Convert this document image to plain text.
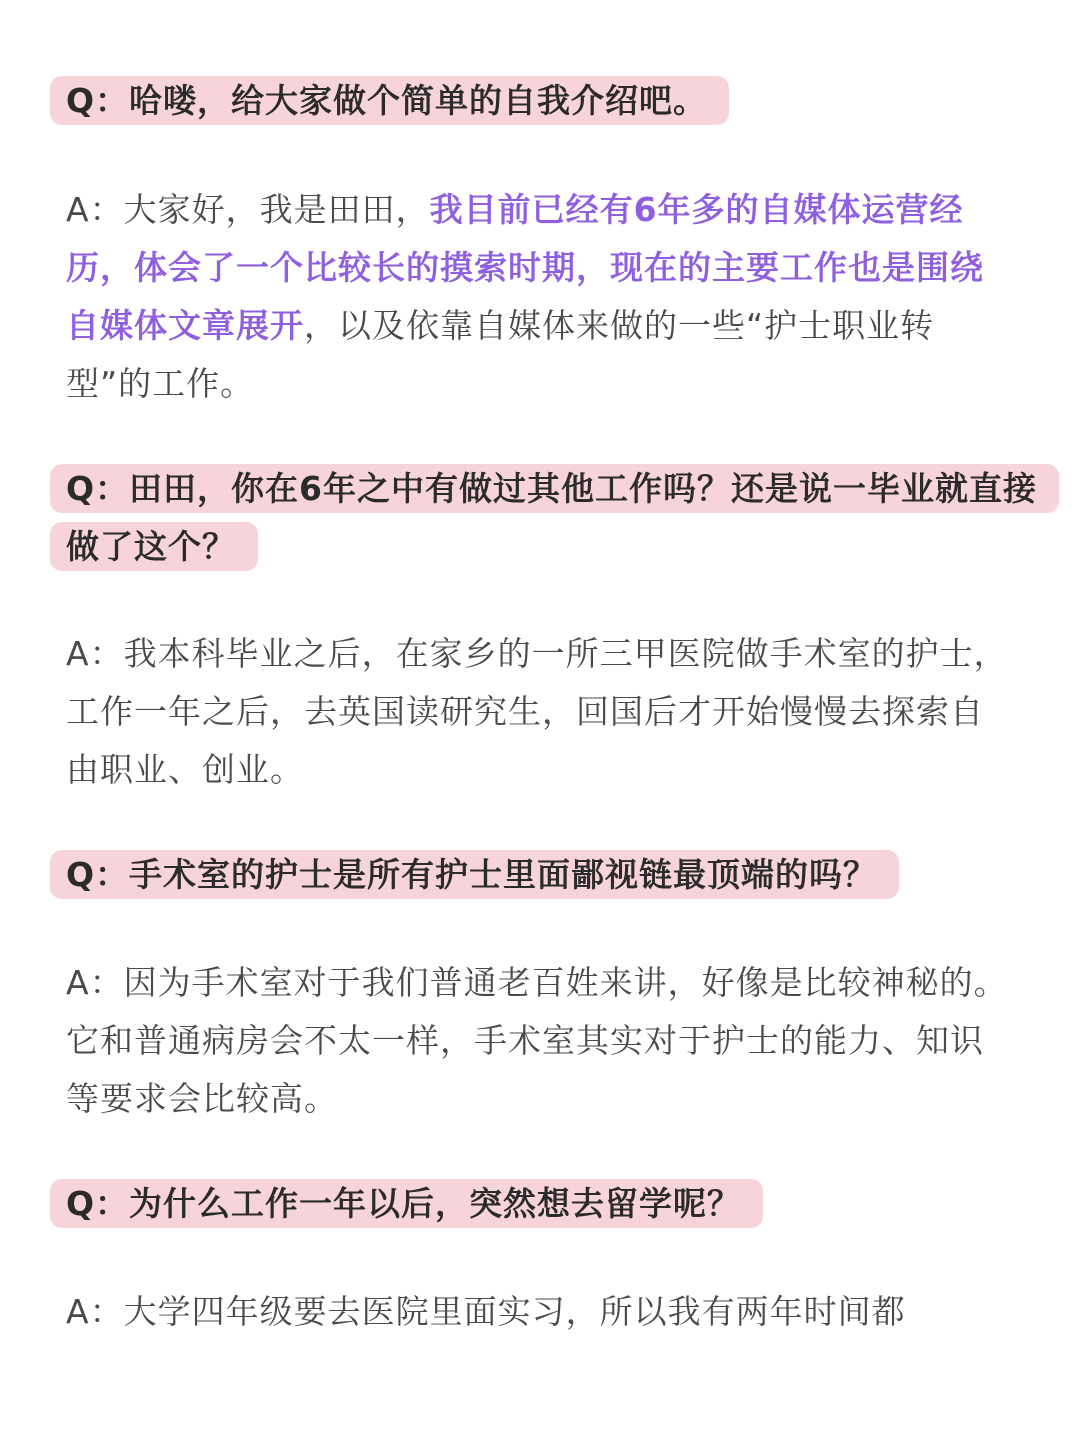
Q：哈喽，给大家做个简单的自我介绍吧。

A：大家好，我是田田，我目前已经有6年多的自媒体运营经历，体会了一个比较长的摸索时期，现在的主要工作也是围绕自媒体文章展开，以及依靠自媒体来做的一些“护士职业转型”的工作。

Q：田田，你在6年之中有做过其他工作吗？还是说一毕业就直接做了这个？

A：我本科毕业之后，在家乡的一所三甲医院做手术室的护士，工作一年之后，去英国读研究生，回国后才开始慢慢去探索自由职业、创业。

Q：手术室的护士是所有护士里面鄙视链最顶端的吗？

A：因为手术室对于我们普通老百姓来讲，好像是比较神秘的。它和普通病房会不太一样，手术室其实对于护士的能力、知识等要求会比较高。

Q：为什么工作一年以后，突然想去留学呢？

A：大学四年级要去医院里面实习，所以我有两年时间都
